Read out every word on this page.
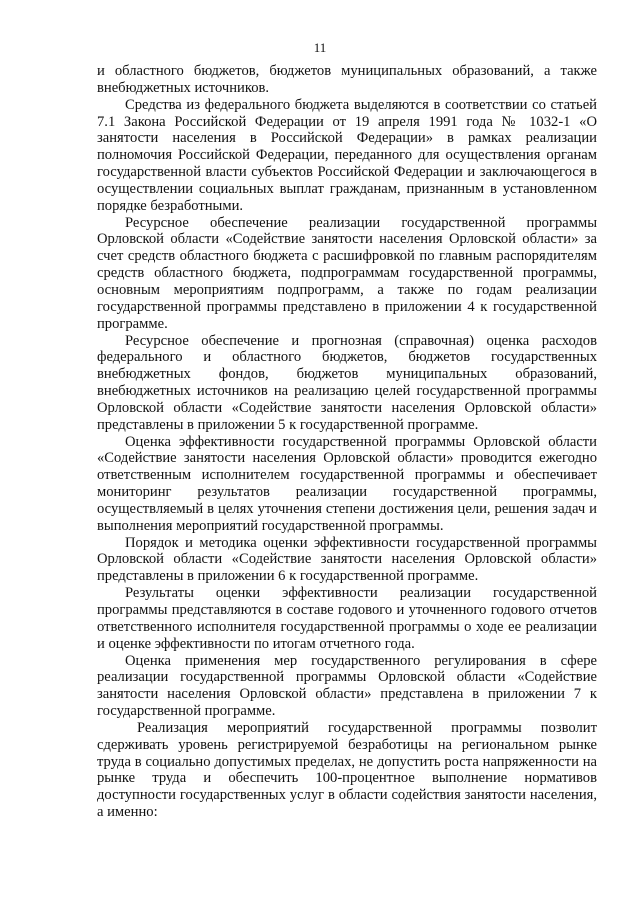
11

и областного бюджетов, бюджетов муниципальных образований, а также внебюджетных источников.

Средства из федерального бюджета выделяются в соответствии со статьей 7.1 Закона Российской Федерации от 19 апреля 1991 года № 1032-1 «О занятости населения в Российской Федерации» в рамках реализации полномочия Российской Федерации, переданного для осуществления органам государственной власти субъектов Российской Федерации и заключающегося в осуществлении социальных выплат гражданам, признанным в установленном порядке безработными.

Ресурсное обеспечение реализации государственной программы Орловской области «Содействие занятости населения Орловской области» за счет средств областного бюджета с расшифровкой по главным распорядителям средств областного бюджета, подпрограммам государственной программы, основным мероприятиям подпрограмм, а также по годам реализации государственной программы представлено в приложении 4 к государственной программе.

Ресурсное обеспечение и прогнозная (справочная) оценка расходов федерального и областного бюджетов, бюджетов государственных внебюджетных фондов, бюджетов муниципальных образований, внебюджетных источников на реализацию целей государственной программы Орловской области «Содействие занятости населения Орловской области» представлены в приложении 5 к государственной программе.

Оценка эффективности государственной программы Орловской области «Содействие занятости населения Орловской области» проводится ежегодно ответственным исполнителем государственной программы и обеспечивает мониторинг результатов реализации государственной программы, осуществляемый в целях уточнения степени достижения цели, решения задач и выполнения мероприятий государственной программы.

Порядок и методика оценки эффективности государственной программы Орловской области «Содействие занятости населения Орловской области» представлены в приложении 6 к государственной программе.

Результаты оценки эффективности реализации государственной программы представляются в составе годового и уточненного годового отчетов ответственного исполнителя государственной программы о ходе ее реализации и оценке эффективности по итогам отчетного года.

Оценка применения мер государственного регулирования в сфере реализации государственной программы Орловской области «Содействие занятости населения Орловской области» представлена в приложении 7 к государственной программе.

Реализация мероприятий государственной программы позволит сдерживать уровень регистрируемой безработицы на региональном рынке труда в социально допустимых пределах, не допустить роста напряженности на рынке труда и обеспечить 100-процентное выполнение нормативов доступности государственных услуг в области содействия занятости населения, а именно:
